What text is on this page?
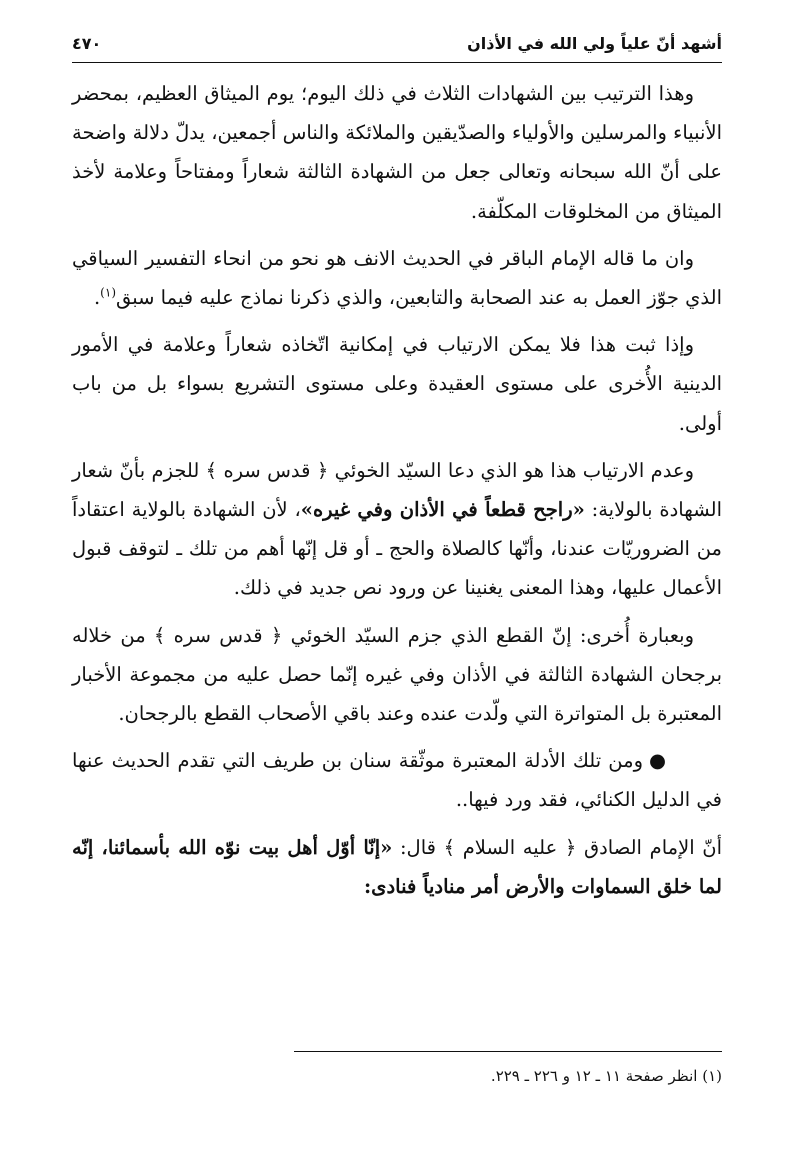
أشهد أنّ علياً ولي الله في الأذان
٤٧٠

وهذا الترتيب بين الشهادات الثلاث في ذلك اليوم؛ يوم الميثاق العظيم، بمحضر الأنبياء والمرسلين والأولياء والصدّيقين والملائكة والناس أجمعين، يدلّ دلالة واضحة على أنّ الله سبحانه وتعالى جعل من الشهادة الثالثة شعاراً ومفتاحاً وعلامة لأخذ الميثاق من المخلوقات المكلّفة.

وان ما قاله الإمام الباقر في الحديث الانف هو نحو من انحاء التفسير السياقي الذي جوّز العمل به عند الصحابة والتابعين، والذي ذكرنا نماذج عليه فيما سبق$^{(١)}$.

وإذا ثبت هذا فلا يمكن الارتياب في إمكانية اتّخاذه شعاراً وعلامة في الأمور الدينية الأُخرى على مستوى العقيدة وعلى مستوى التشريع بسواء بل من باب أولى.

وعدم الارتياب هذا هو الذي دعا السيّد الخوئي ﴿ قدس سره ﴾ للجزم بأنّ شعار الشهادة بالولاية: «راجح قطعاً في الأذان وفي غيره»، لأن الشهادة بالولاية اعتقاداً من الضروريّات عندنا، وأنّها كالصلاة والحج ـ أو قل إنّها أهم من تلك ـ لتوقف قبول الأعمال عليها، وهذا المعنى يغنينا عن ورود نص جديد في ذلك.

وبعبارة أُخرى: إنّ القطع الذي جزم السيّد الخوئي ﴿ قدس سره ﴾ من خلاله برجحان الشهادة الثالثة في الأذان وفي غيره إنّما حصل عليه من مجموعة الأخبار المعتبرة بل المتواترة التي ولّدت عنده وعند باقي الأصحاب القطع بالرجحان.

●ومن تلك الأدلة المعتبرة موثّقة سنان بن طريف التي تقدم الحديث عنها في الدليل الكنائي، فقد ورد فيها..

أنّ الإمام الصادق ﴿ عليه السلام ﴾ قال: «إنّا أوّل أهل بيت نوّه الله بأسمائنا، إنّه لما خلق السماوات والأرض أمر منادياً فنادى:

(١) انظر صفحة ١١ ـ ١٢ و ٢٢٦ ـ ٢٢٩.
